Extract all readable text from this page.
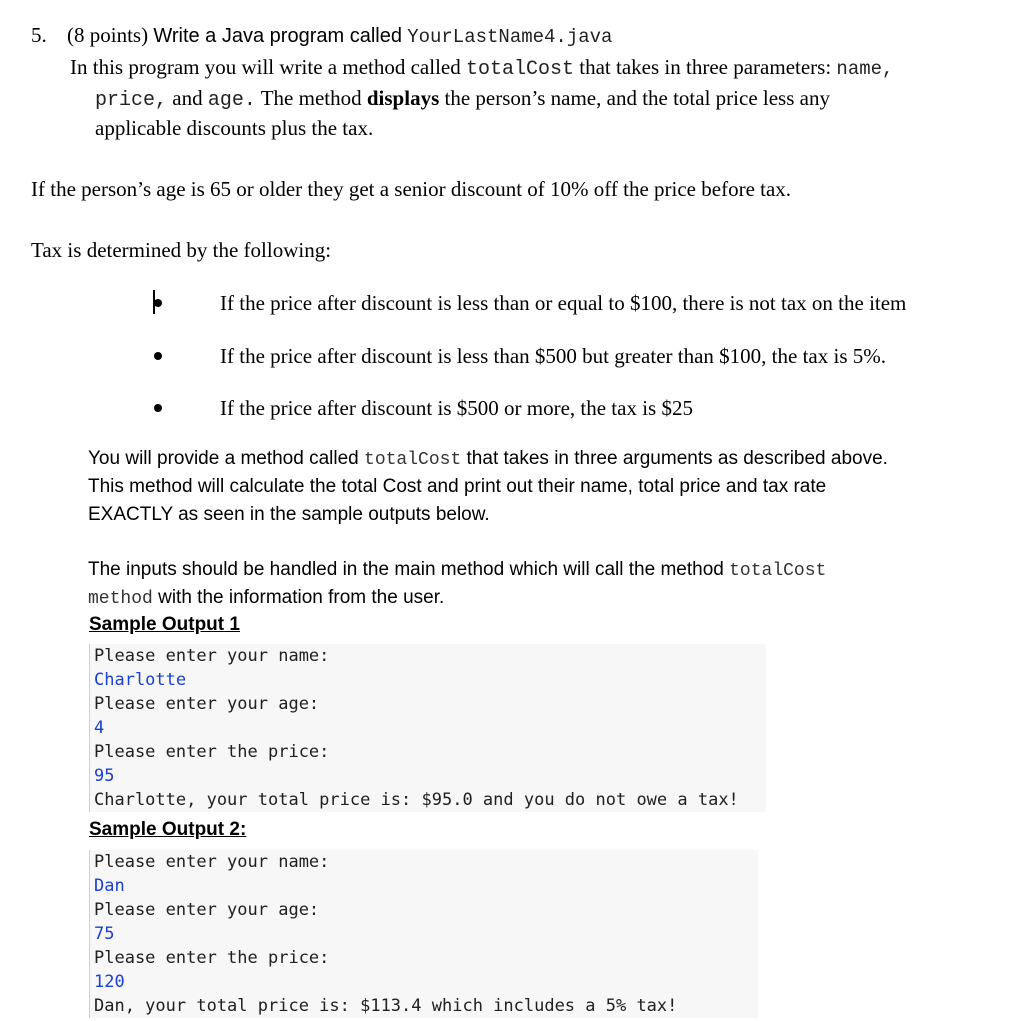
5. (8 points) Write a Java program called YourLastName4.java
In this program you will write a method called totalCost that takes in three parameters: name,
price, and age. The method displays the person’s name, and the total price less any
applicable discounts plus the tax.
If the person’s age is 65 or older they get a senior discount of 10% off the price before tax.
Tax is determined by the following:
If the price after discount is less than or equal to $100, there is not tax on the item
If the price after discount is less than $500 but greater than $100, the tax is 5%.
If the price after discount is $500 or more, the tax is $25
You will provide a method called totalCost that takes in three arguments as described above.
This method will calculate the total Cost and print out their name, total price and tax rate
EXACTLY as seen in the sample outputs below.
The inputs should be handled in the main method which will call the method totalCost
method with the information from the user.
Sample Output 1
Please enter your name:
Charlotte
Please enter your age:
4
Please enter the price:
95
Charlotte, your total price is: $95.0 and you do not owe a tax!
Sample Output 2:
Please enter your name:
Dan
Please enter your age:
75
Please enter the price:
120
Dan, your total price is: $113.4 which includes a 5% tax!
